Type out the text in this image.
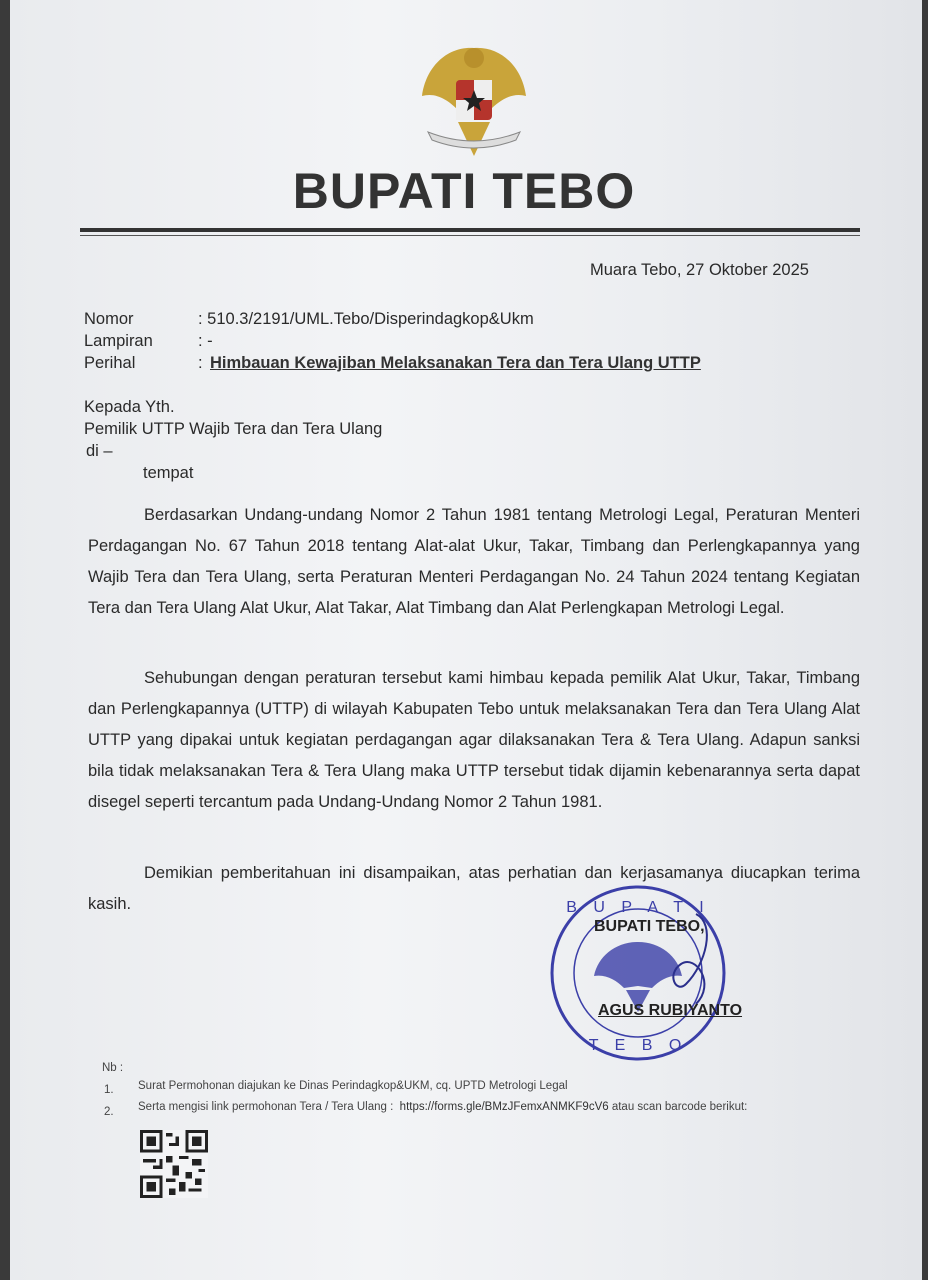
BUPATI TEBO
Muara Tebo, 27 Oktober 2025
Nomor	: 510.3/2191/UML.Tebo/Disperindagkop&Ukm
Lampiran	: -
Perihal	: Himbauan Kewajiban Melaksanakan Tera dan Tera Ulang UTTP
Kepada Yth.
Pemilik UTTP Wajib Tera dan Tera Ulang
di –
tempat
Berdasarkan Undang-undang Nomor 2 Tahun 1981 tentang Metrologi Legal, Peraturan Menteri Perdagangan No. 67 Tahun 2018 tentang Alat-alat Ukur, Takar, Timbang dan Perlengkapannya yang Wajib Tera dan Tera Ulang, serta Peraturan Menteri Perdagangan No. 24 Tahun 2024 tentang Kegiatan Tera dan Tera Ulang Alat Ukur, Alat Takar, Alat Timbang dan Alat Perlengkapan Metrologi Legal.
Sehubungan dengan peraturan tersebut kami himbau kepada pemilik Alat Ukur, Takar, Timbang dan Perlengkapannya (UTTP) di wilayah Kabupaten Tebo untuk melaksanakan Tera dan Tera Ulang Alat UTTP yang dipakai untuk kegiatan perdagangan agar dilaksanakan Tera & Tera Ulang. Adapun sanksi bila tidak melaksanakan Tera & Tera Ulang maka UTTP tersebut tidak dijamin kebenarannya serta dapat disegel seperti tercantum pada Undang-Undang Nomor 2 Tahun 1981.
Demikian pemberitahuan ini disampaikan, atas perhatian dan kerjasamanya diucapkan terima kasih.	B U P A T I
T E B O
BUPATI TEBO,
AGUS RUBIYANTO
Nb :
1. Surat Permohonan diajukan ke Dinas Perindagkop&UKM, cq. UPTD Metrologi Legal
2. Serta mengisi link permohonan Tera / Tera Ulang : https://forms.gle/BMzJFemxANMKF9cV6 atau scan barcode berikut:
